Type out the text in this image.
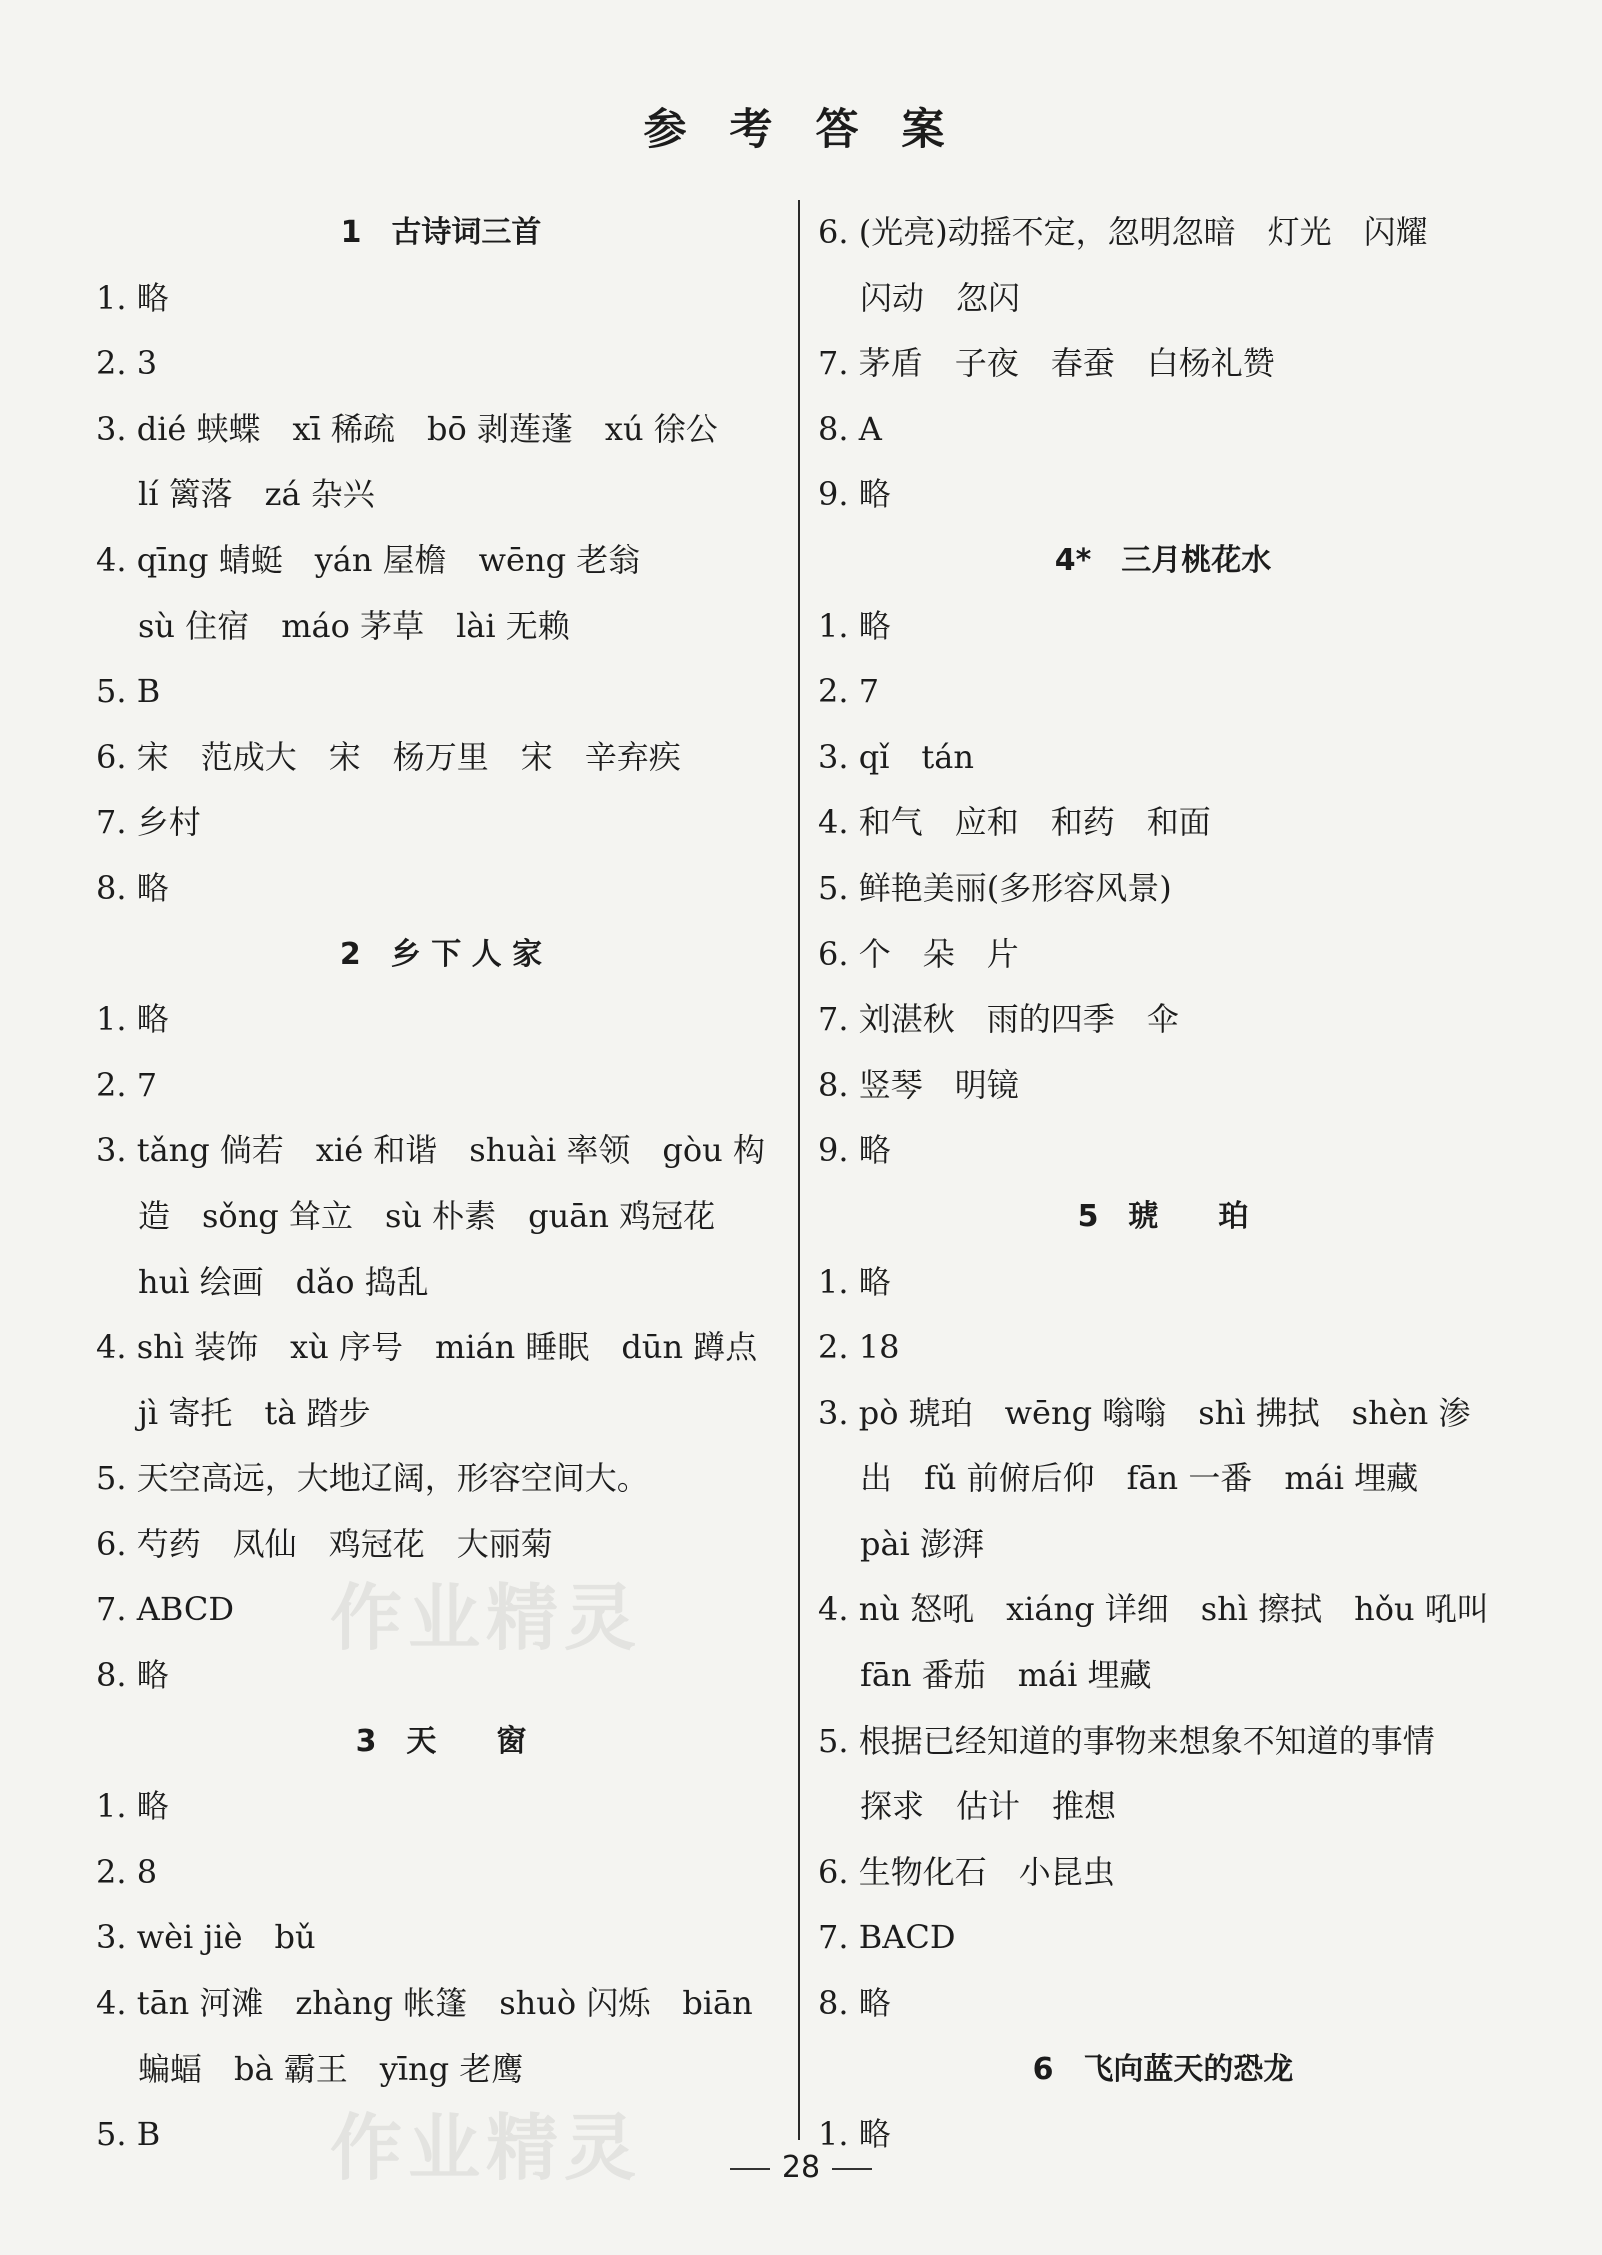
参 考 答 案
1　古诗词三首
1. 略
2. 3
3. dié 蛱蝶　xī 稀疏　bō 剥莲蓬　xú 徐公
lí 篱落　zá 杂兴
4. qīng 蜻蜓　yán 屋檐　wēng 老翁
sù 住宿　máo 茅草　lài 无赖
5. B
6. 宋　范成大　宋　杨万里　宋　辛弃疾
7. 乡村
8. 略
2　乡 下 人 家
1. 略
2. 7
3. tǎng 倘若　xié 和谐　shuài 率领　gòu 构
造　sǒng 耸立　sù 朴素　guān 鸡冠花
huì 绘画　dǎo 捣乱
4. shì 装饰　xù 序号　mián 睡眠　dūn 蹲点
jì 寄托　tà 踏步
5. 天空高远，大地辽阔，形容空间大。
6. 芍药　凤仙　鸡冠花　大丽菊
7. ABCD
8. 略
3　天　　窗
1. 略
2. 8
3. wèi jiè　bǔ
4. tān 河滩　zhàng 帐篷　shuò 闪烁　biān
蝙蝠　bà 霸王　yīng 老鹰
5. B
6. (光亮)动摇不定，忽明忽暗　灯光　闪耀
闪动　忽闪
7. 茅盾　子夜　春蚕　白杨礼赞
8. A
9. 略
4*　三月桃花水
1. 略
2. 7
3. qǐ　tán
4. 和气　应和　和药　和面
5. 鲜艳美丽(多形容风景)
6. 个　朵　片
7. 刘湛秋　雨的四季　伞
8. 竖琴　明镜
9. 略
5　琥　　珀
1. 略
2. 18
3. pò 琥珀　wēng 嗡嗡　shì 拂拭　shèn 渗
出　fǔ 前俯后仰　fān 一番　mái 埋藏
pài 澎湃
4. nù 怒吼　xiáng 详细　shì 擦拭　hǒu 吼叫
fān 番茄　mái 埋藏
5. 根据已经知道的事物来想象不知道的事情
探求　估计　推想
6. 生物化石　小昆虫
7. BACD
8. 略
6　飞向蓝天的恐龙
1. 略
作业精灵
作业精灵	28
